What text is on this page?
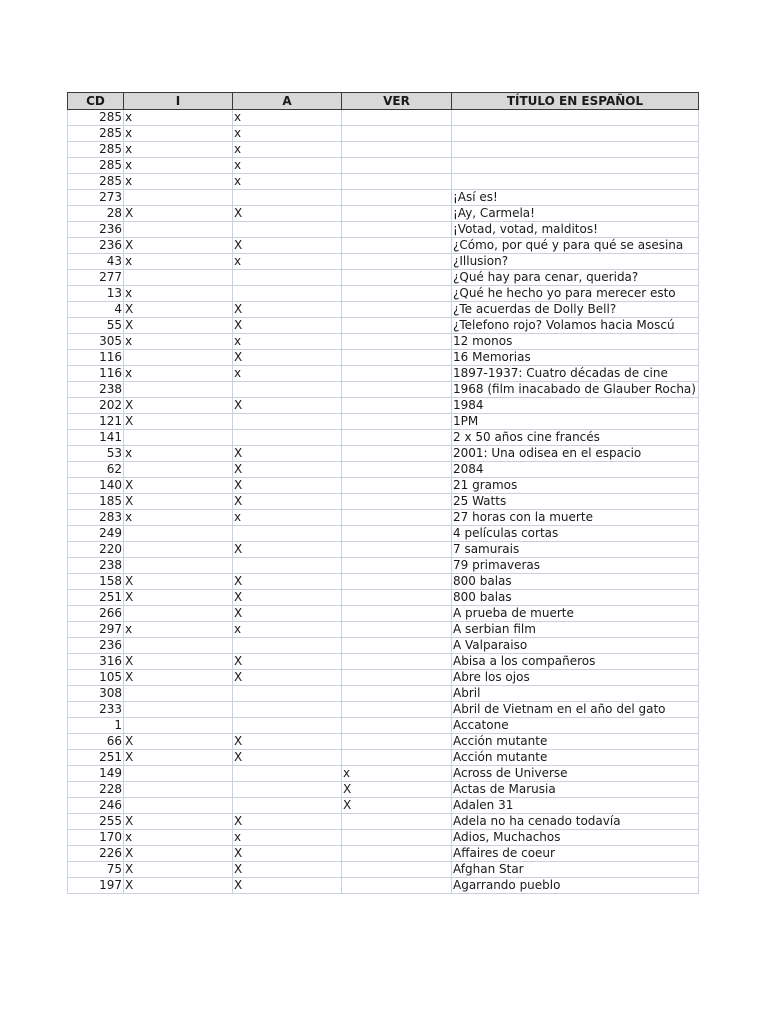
CD	I	A	VER	TÍTULO EN ESPAÑOL
285	x	x		
285	x	x		
285	x	x		
285	x	x		
285	x	x		
273				¡Así es!
28	X	X		¡Ay, Carmela!
236				¡Votad, votad, malditos!
236	X	X		¿Cómo, por qué y para qué se asesina
43	x	x		¿Illusion?
277				¿Qué hay para cenar, querida?
13	x			¿Qué he hecho yo para merecer esto
4	X	X		¿Te acuerdas de Dolly Bell?
55	X	X		¿Telefono rojo? Volamos hacia Moscú
305	x	x		12 monos
116		X		16 Memorias
116	x	x		1897-1937: Cuatro décadas de cine
238				1968 (film inacabado de Glauber Rocha)
202	X	X		1984
121	X			1PM
141				2 x 50 años cine francés
53	x	X		2001: Una odisea en el espacio
62		X		2084
140	X	X		21 gramos
185	X	X		25 Watts
283	x	x		27 horas con la muerte
249				4 películas cortas
220		X		7 samurais
238				79 primaveras
158	X	X		800 balas
251	X	X		800 balas
266		X		A prueba de muerte
297	x	x		A serbian film
236				A Valparaiso
316	X	X		Abisa a los compañeros
105	X	X		Abre los ojos
308				Abril
233				Abril de Vietnam en el año del gato
1				Accatone
66	X	X		Acción mutante
251	X	X		Acción mutante
149			x	Across de Universe
228			X	Actas de Marusia
246			X	Adalen 31
255	X	X		Adela no ha cenado todavía
170	x	x		Adios, Muchachos
226	X	X		Affaires de coeur
75	X	X		Afghan Star
197	X	X		Agarrando pueblo
